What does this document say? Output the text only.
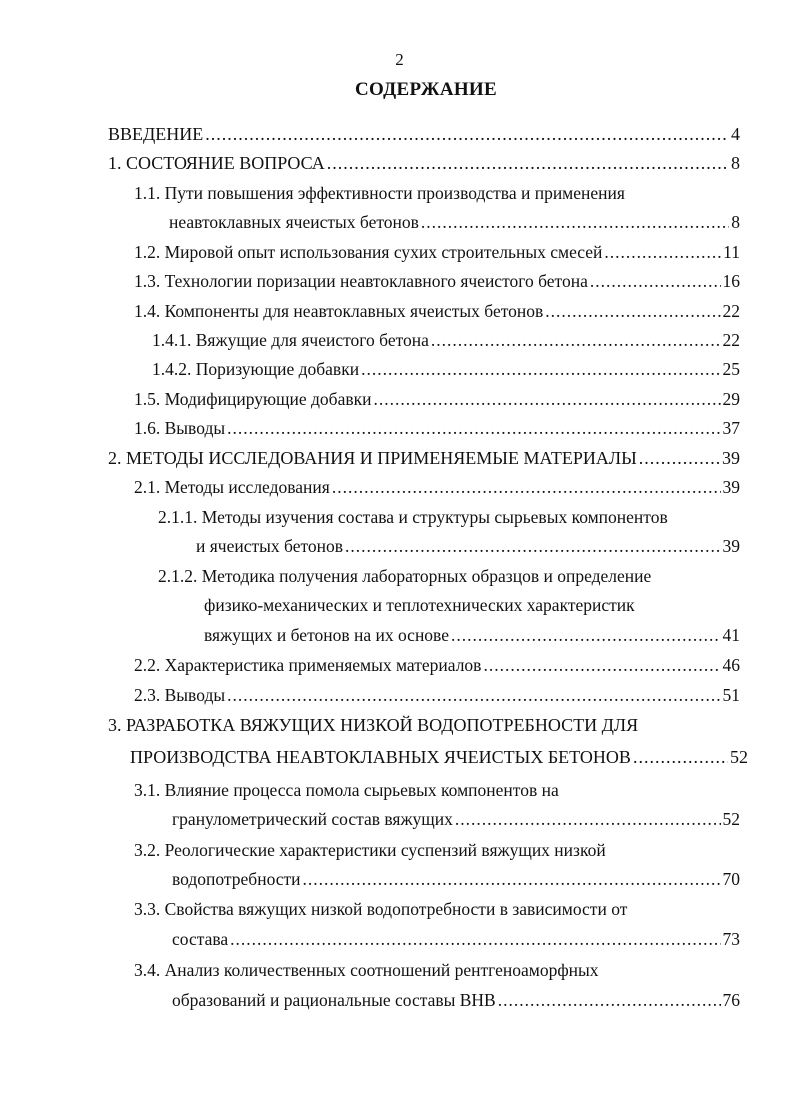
2
СОДЕРЖАНИЕ
ВВЕДЕНИЕ .....	4
1. СОСТОЯНИЕ ВОПРОСА .....	8
1.1. Пути повышения эффективности производства и применения
неавтоклавных ячеистых бетонов .....	8
1.2. Мировой опыт использования сухих строительных смесей .....	11
1.3. Технологии поризации неавтоклавного ячеистого бетона .....	16
1.4. Компоненты для неавтоклавных ячеистых бетонов .....	22
1.4.1. Вяжущие для ячеистого бетона .....	22
1.4.2. Поризующие добавки .....	25
1.5. Модифицирующие добавки .....	29
1.6. Выводы .....	37
2. МЕТОДЫ ИССЛЕДОВАНИЯ И ПРИМЕНЯЕМЫЕ МАТЕРИАЛЫ .....	39
2.1. Методы исследования .....	39
2.1.1. Методы изучения состава и структуры сырьевых компонентов
и ячеистых бетонов .....	39
2.1.2. Методика получения лабораторных образцов и определение
физико-механических и теплотехнических характеристик
вяжущих и бетонов на их основе .....	41
2.2. Характеристика применяемых материалов .....	46
2.3. Выводы .....	51
3. РАЗРАБОТКА ВЯЖУЩИХ НИЗКОЙ ВОДОПОТРЕБНОСТИ ДЛЯ
ПРОИЗВОДСТВА НЕАВТОКЛАВНЫХ ЯЧЕИСТЫХ БЕТОНОВ .....	52
3.1. Влияние процесса помола сырьевых компонентов на
гранулометрический состав вяжущих .....	52
3.2. Реологические характеристики суспензий вяжущих низкой
водопотребности .....	70
3.3. Свойства вяжущих низкой водопотребности в зависимости от
состава .....	73
3.4. Анализ количественных соотношений рентгеноаморфных
образований и рациональные составы ВНВ .....	76
